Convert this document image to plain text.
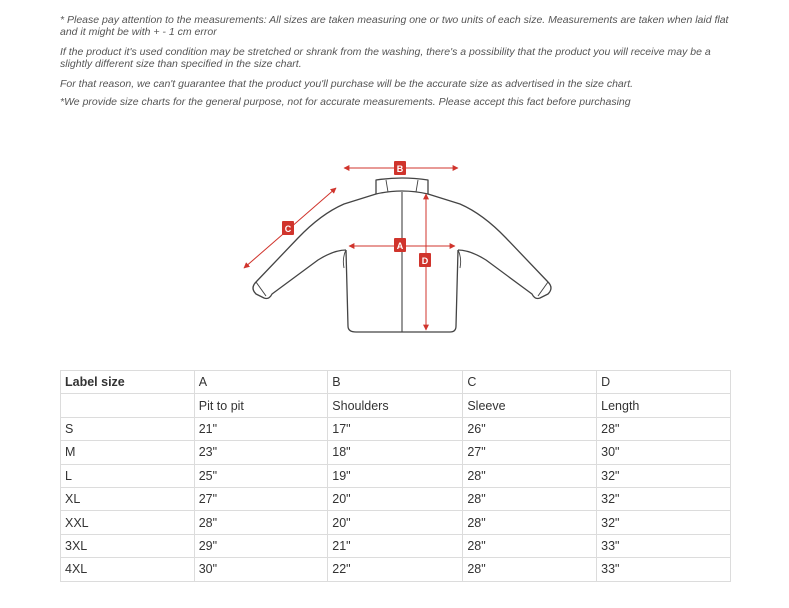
* Please pay attention to the measurements: All sizes are taken measuring one or two units of each size. Measurements are taken when laid flat and it might be with + - 1 cm error

If the product it's used condition may be stretched or shrank from the washing, there's a possibility that the product you will receive may be a slightly different size than specified in the size chart.

For that reason, we can't guarantee that the product you'll purchase will be the accurate size as advertised in the size chart.

*We provide size charts for the general purpose, not for accurate measurements. Please accept this fact before purchasing

B
C
A
D
Label size	A	B	C	D
	Pit to pit	Shoulders	Sleeve	Length
S	21"	17"	26"	28"
M	23"	18"	27"	30"
L	25"	19"	28"	32"
XL	27"	20"	28"	32"
XXL	28"	20"	28"	32"
3XL	29"	21"	28"	33"
4XL	30"	22"	28"	33"
